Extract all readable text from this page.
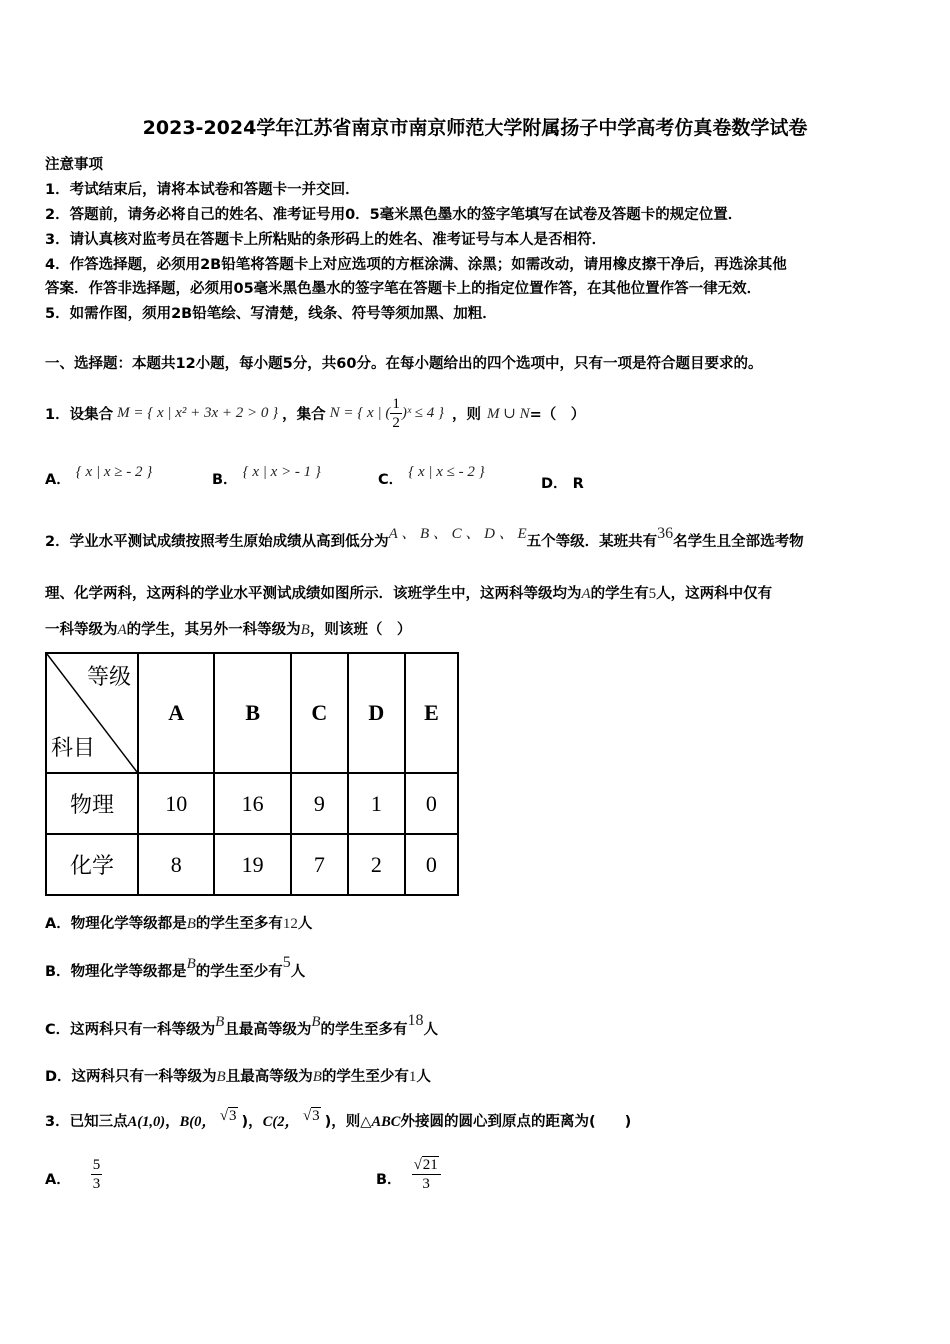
2023-2024学年江苏省南京市南京师范大学附属扬子中学高考仿真卷数学试卷
注意事项
1．考试结束后，请将本试卷和答题卡一并交回．
2．答题前，请务必将自己的姓名、准考证号用0．5毫米黑色墨水的签字笔填写在试卷及答题卡的规定位置．
3．请认真核对监考员在答题卡上所粘贴的条形码上的姓名、准考证号与本人是否相符．
4．作答选择题，必须用2B铅笔将答题卡上对应选项的方框涂满、涂黑；如需改动，请用橡皮擦干净后，再选涂其他
答案．作答非选择题，必须用05毫米黑色墨水的签字笔在答题卡上的指定位置作答，在其他位置作答一律无效．
5．如需作图，须用2B铅笔绘、写清楚，线条、符号等须加黑、加粗．
一、选择题：本题共12小题，每小题5分，共60分。在每小题给出的四个选项中，只有一项是符合题目要求的。
1．设集合 M = { x | x² + 3x + 2 > 0 } ，集合 N = { x | ( $\frac{1}{2}$ )ˣ ≤ 4 } ，则 M ∪ N =（　）
A． { x | x ≥ - 2 }	B． { x | x > - 1 }	C． { x | x ≤ - 2 }
D． R
2．学业水平测试成绩按照考生原始成绩从高到低分为A 、 B 、 C 、 D 、 E五个等级．某班共有36名学生且全部选考物
理、化学两科，这两科的学业水平测试成绩如图所示．该班学生中，这两科等级均为A的学生有5人，这两科中仅有
一科等级为A的学生，其另外一科等级为B，则该班（　）
等级
科目	A	B	C	D	E
物理	10	16	9	1	0
化学	8	19	7	2	0
A．物理化学等级都是B的学生至多有12人
B．物理化学等级都是B的学生至少有5人
C．这两科只有一科等级为B且最高等级为B的学生至多有18人
D．这两科只有一科等级为B且最高等级为B的学生至少有1人
3．已知三点A(1,0)，B(0， √3 )，C(2， √3 )，则△ABC外接圆的圆心到原点的距离为(　　)
A． $\frac{5}{3}$	B． $\frac{√21}{3}$
